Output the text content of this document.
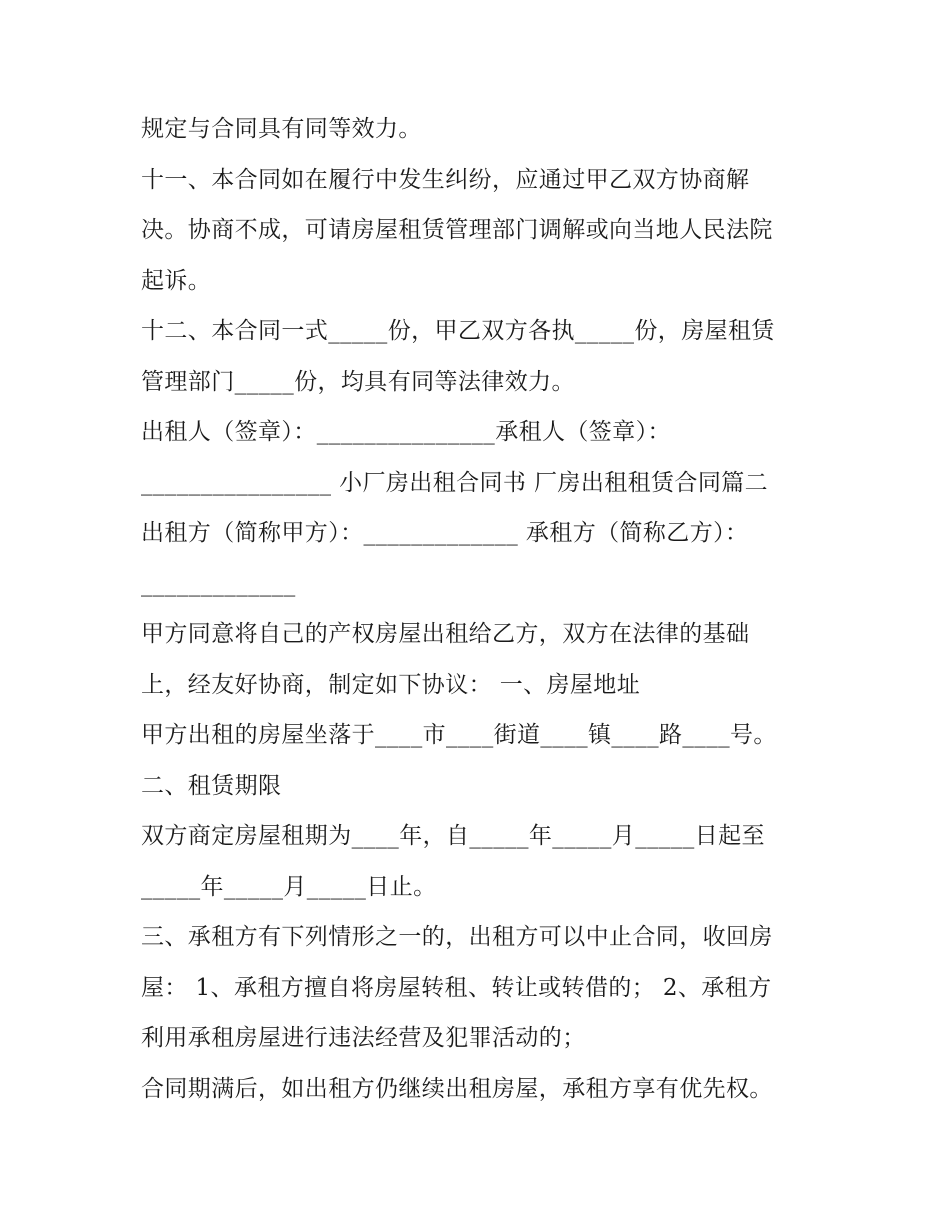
规定与合同具有同等效力。
十一、本合同如在履行中发生纠纷，应通过甲乙双方协商解
决。协商不成，可请房屋租赁管理部门调解或向当地人民法院
起诉。
十二、本合同一式_____份，甲乙双方各执_____份，房屋租赁
管理部门_____份，均具有同等法律效力。
出租人（签章）：_______________承租人（签章）：
________________ 小厂房出租合同书 厂房出租租赁合同篇二
出租方（简称甲方）：_____________ 承租方（简称乙方）：
_____________
甲方同意将自己的产权房屋出租给乙方，双方在法律的基础
上，经友好协商，制定如下协议： 一、房屋地址
甲方出租的房屋坐落于____市____街道____镇____路____号。
二、租赁期限
双方商定房屋租期为____年，自_____年_____月_____日起至
_____年_____月_____日止。
三、承租方有下列情形之一的，出租方可以中止合同，收回房
屋： 1、承租方擅自将房屋转租、转让或转借的； 2、承租方
利用承租房屋进行违法经营及犯罪活动的；
合同期满后，如出租方仍继续出租房屋，承租方享有优先权。
